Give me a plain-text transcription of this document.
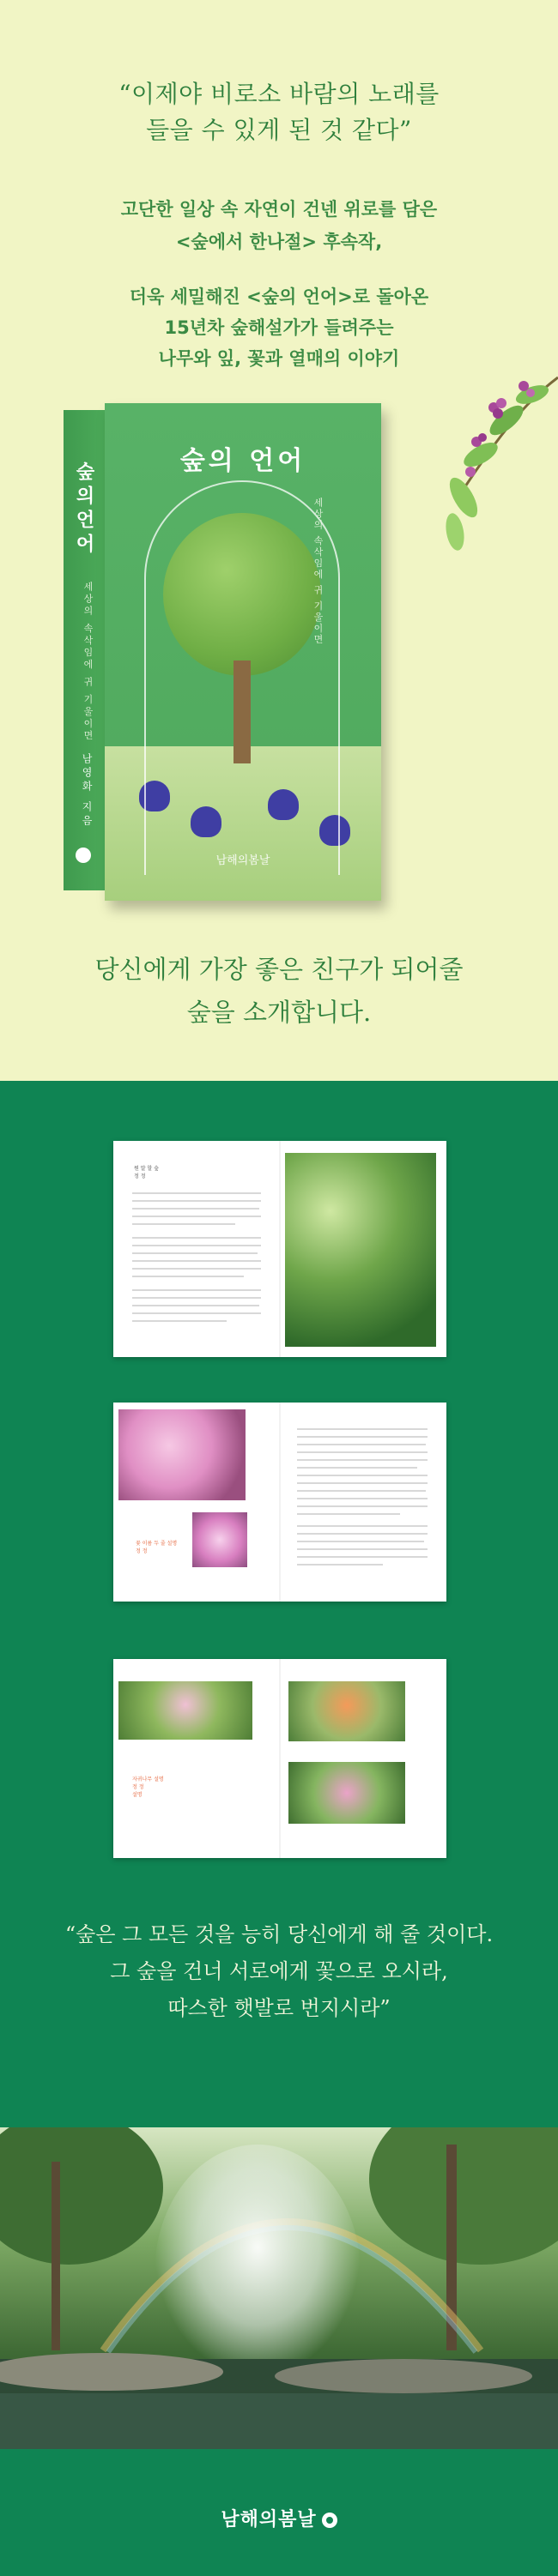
“이제야 비로소 바람의 노래를
들을 수 있게 된 것 같다”
고단한 일상 속 자연이 건넨 위로를 담은
<숲에서 한나절> 후속작,
더욱 세밀해진 <숲의 언어>로 돌아온
15년차 숲해설가가 들려주는
나무와 잎, 꽃과 열매의 이야기
숲의언어
세상의 속삭임에 귀 기울이면
남영화 지음
숲의 언어
세상의 속삭임에 귀 기울이면
남해의봄날
당신에게 가장 좋은 친구가 되어줄
숲을 소개합니다.
뭔 말 할 숲
정 정
꽃 이름 두 줄 설명
정 정
자귀나무 설명
정 정
설명
“숲은 그 모든 것을 능히 당신에게 해 줄 것이다.
그 숲을 건너 서로에게 꽃으로 오시라,
따스한 햇발로 번지시라”
남해의봄날
